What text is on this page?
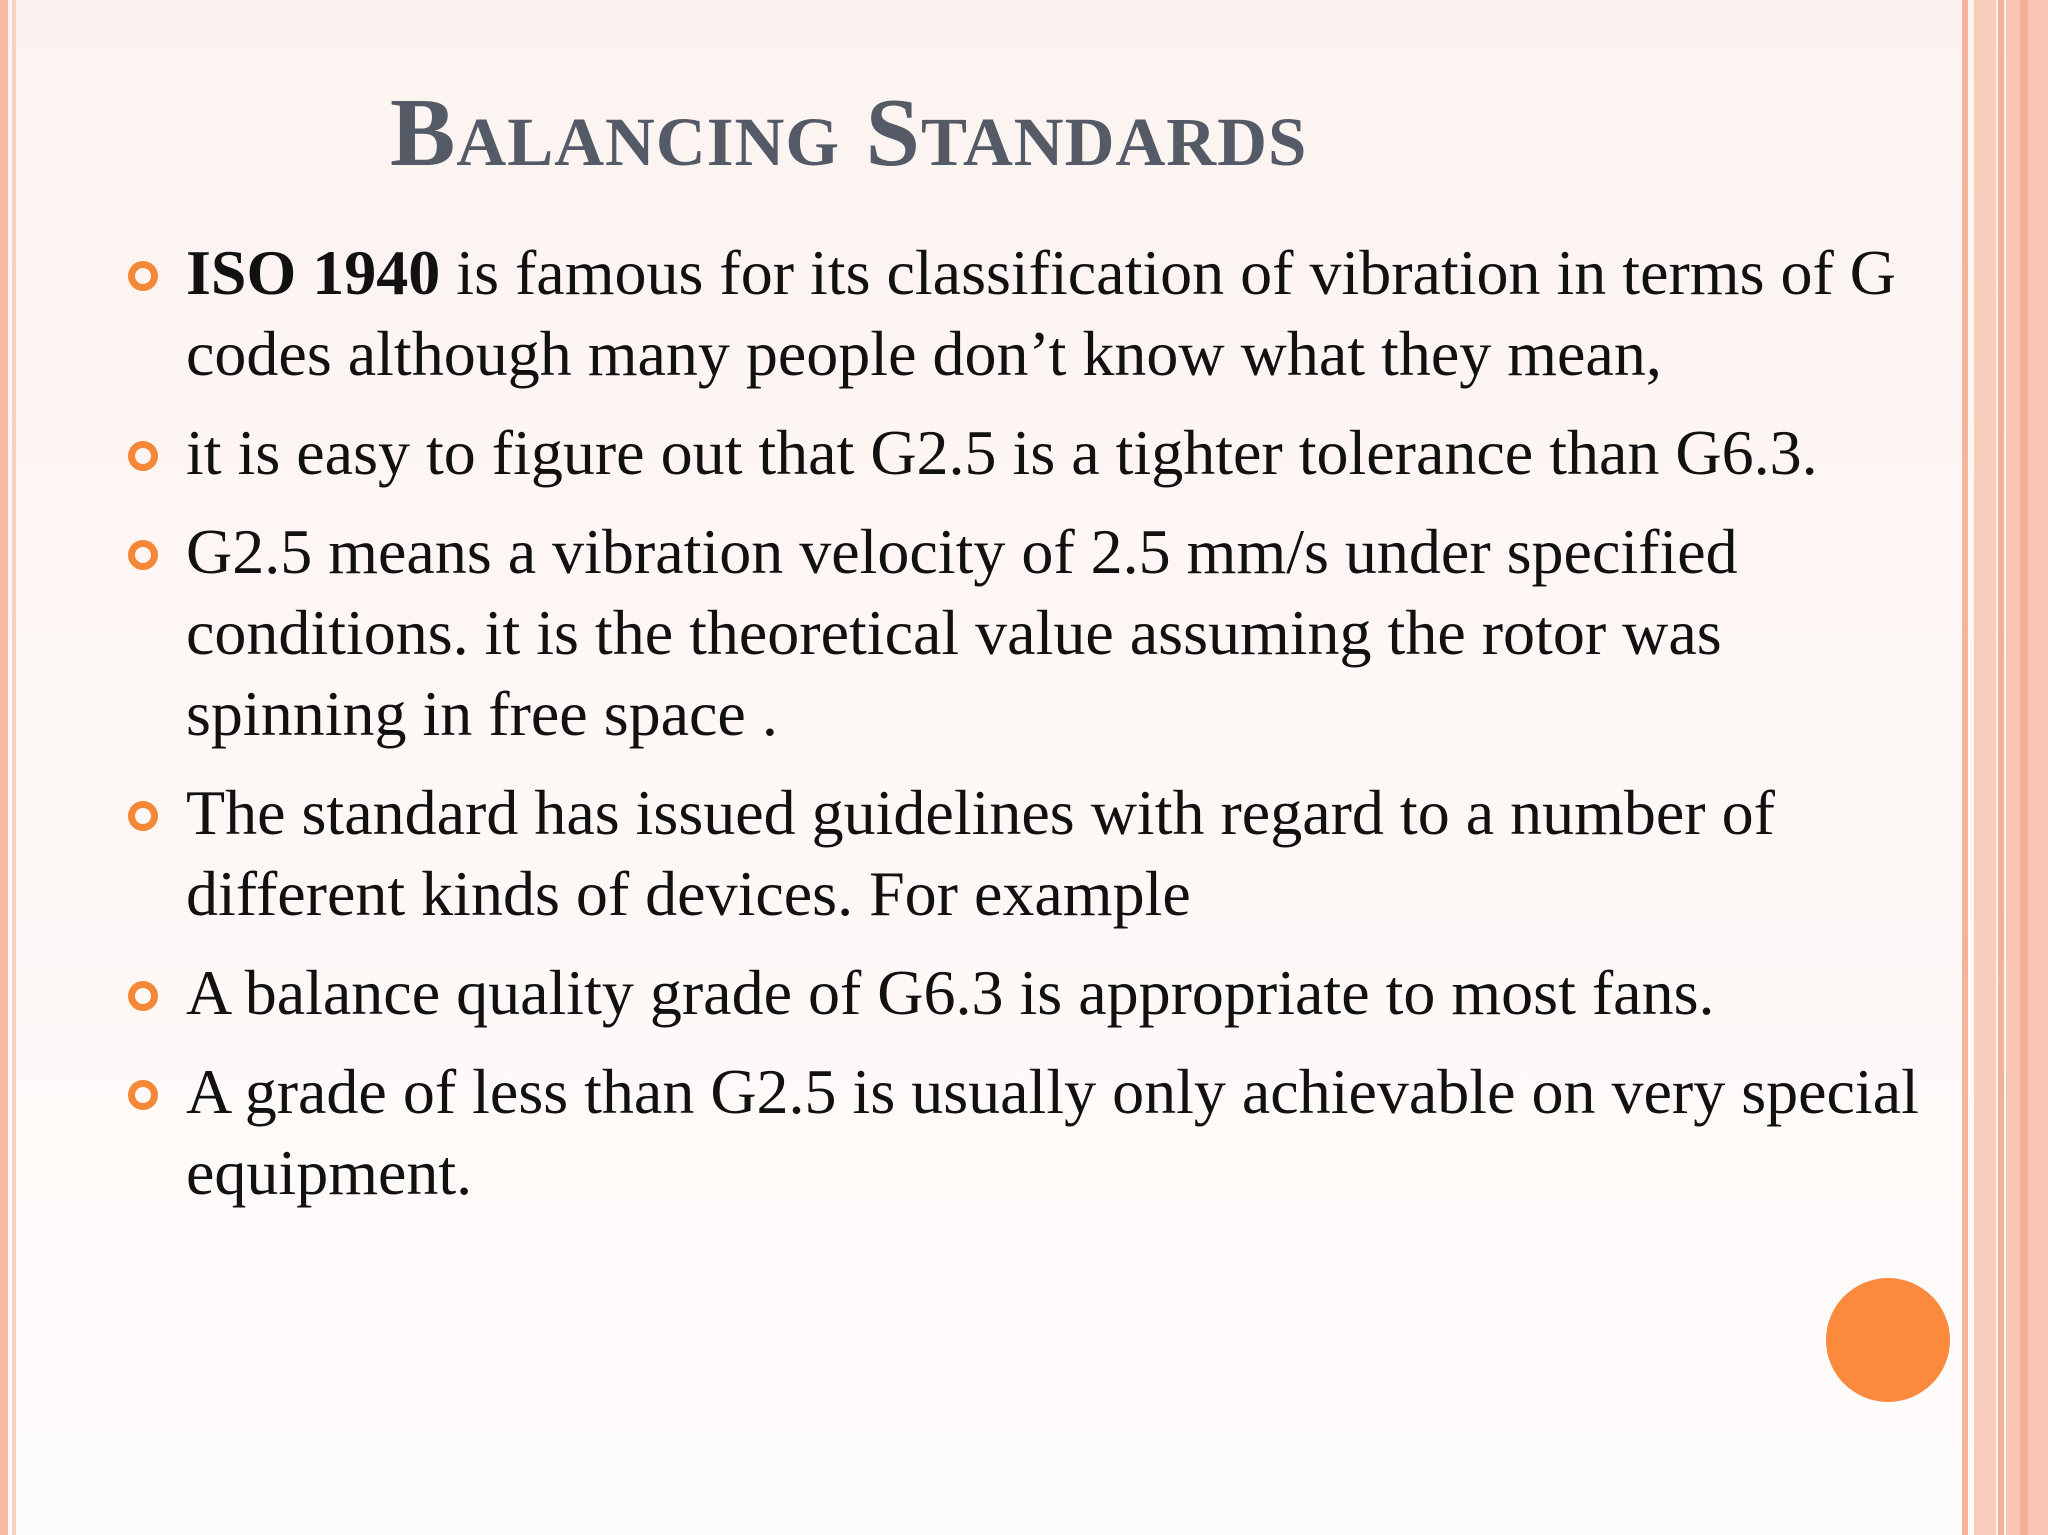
Balancing Standards
ISO 1940 is famous for its classification of vibration in terms of G codes although many people don’t know what they mean,
it is easy to figure out that G2.5 is a tighter tolerance than G6.3.
G2.5 means a vibration velocity of 2.5 mm/s under specified conditions. it is the theoretical value assuming the rotor was spinning in free space .
The standard has issued guidelines with regard to a number of different kinds of devices. For example
A balance quality grade of G6.3 is appropriate to most fans.
A grade of less than G2.5 is usually only achievable on very special equipment.
